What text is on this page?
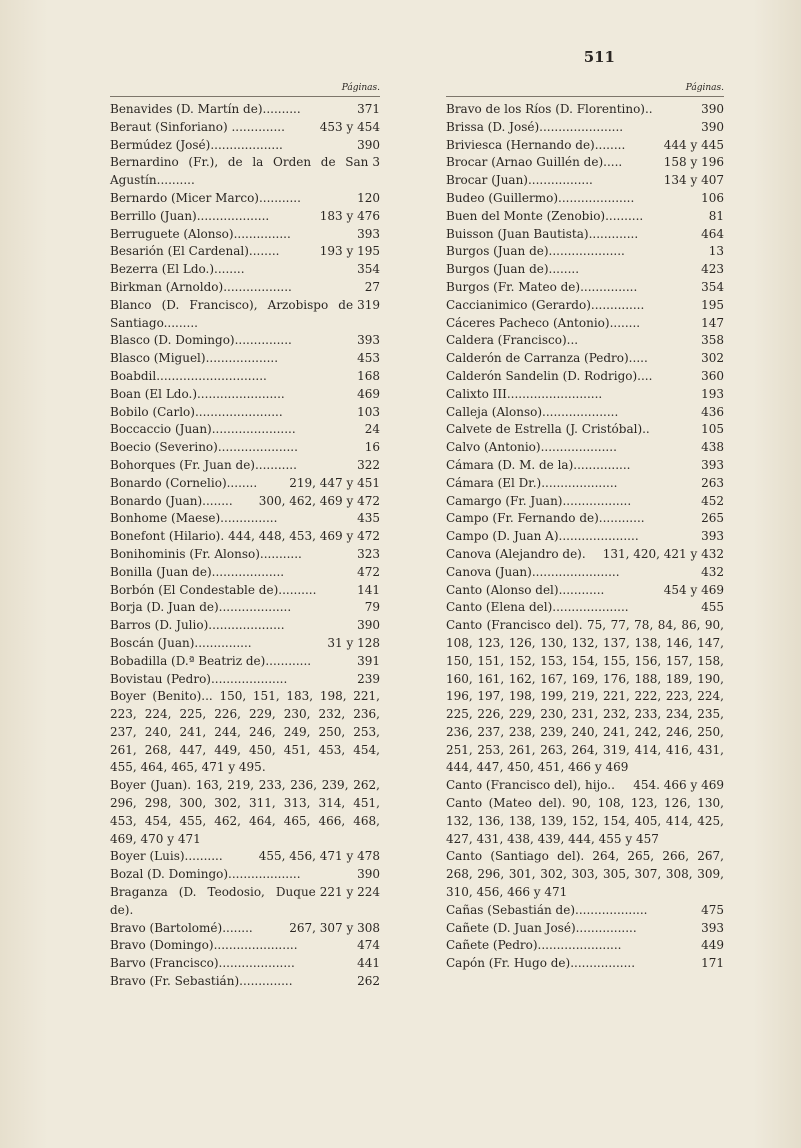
511
Páginas.
371
Benavides (D. Martín de)..........
453 y 454
Beraut (Sinforiano) ..............
390
Bermúdez (José)...................
3
Bernardino (Fr.), de la Orden de San Agustín..........
120
Bernardo (Micer Marco)...........
183 y 476
Berrillo (Juan)...................
393
Berruguete (Alonso)...............
193 y 195
Besarión (El Cardenal)........
354
Bezerra (El Ldo.)........
27
Birkman (Arnoldo)..................
319
Blanco (D. Francisco), Arzobispo de Santiago.........
393
Blasco (D. Domingo)...............
453
Blasco (Miguel)...................
168
Boabdil.............................
469
Boan (El Ldo.).......................
103
Bobilo (Carlo).......................
24
Boccaccio (Juan)......................
16
Boecio (Severino).....................
322
Bohorques (Fr. Juan de)...........
219, 447 y 451
Bonardo (Cornelio)........
300, 462, 469 y 472
Bonardo (Juan)........
435
Bonhome (Maese)...............
444, 448, 453, 469 y 472
Bonefont (Hilario).
323
Bonihominis (Fr. Alonso)...........
472
Bonilla (Juan de)...................
141
Borbón (El Condestable de)..........
79
Borja (D. Juan de)...................
390
Barros (D. Julio)....................
31 y 128
Boscán (Juan)...............
391
Bobadilla (D.ª Beatriz de)............
239
Bovistau (Pedro)....................
Boyer (Benito)... 150, 151, 183, 198, 221, 223, 224, 225, 226, 229, 230, 232, 236, 237, 240, 241, 244, 246, 249, 250, 253, 261, 268, 447, 449, 450, 451, 453, 454, 455, 464, 465, 471 y 495.
Boyer (Juan). 163, 219, 233, 236, 239, 262, 296, 298, 300, 302, 311, 313, 314, 451, 453, 454, 455, 462, 464, 465, 466, 468, 469, 470 y 471
455, 456, 471 y 478
Boyer (Luis)..........
390
Bozal (D. Domingo)...................
221 y 224
Braganza (D. Teodosio, Duque de).
267, 307 y 308
Bravo (Bartolomé)........
474
Bravo (Domingo)......................
441
Barvo (Francisco)....................
262
Bravo (Fr. Sebastián)..............
Páginas.
390
Bravo de los Ríos (D. Florentino)..
390
Brissa (D. José)......................
444 y 445
Briviesca (Hernando de)........
158 y 196
Brocar (Arnao Guillén de).....
134 y 407
Brocar (Juan).................
106
Budeo (Guillermo)....................
81
Buen del Monte (Zenobio)..........
464
Buisson (Juan Bautista).............
13
Burgos (Juan de)....................
423
Burgos (Juan de)........
354
Burgos (Fr. Mateo de)...............
195
Caccianimico (Gerardo)..............
147
Cáceres Pacheco (Antonio)........
358
Caldera (Francisco)...
302
Calderón de Carranza (Pedro).....
360
Calderón Sandelin (D. Rodrigo)....
193
Calixto III.........................
436
Calleja (Alonso)....................
105
Calvete de Estrella (J. Cristóbal)..
438
Calvo (Antonio)....................
393
Cámara (D. M. de la)...............
263
Cámara (El Dr.)....................
452
Camargo (Fr. Juan)..................
265
Campo (Fr. Fernando de)............
393
Campo (D. Juan A).....................
131, 420, 421 y 432
Canova (Alejandro de).
432
Canova (Juan).......................
454 y 469
Canto (Alonso del)............
455
Canto (Elena del)....................
Canto (Francisco del). 75, 77, 78, 84, 86, 90, 108, 123, 126, 130, 132, 137, 138, 146, 147, 150, 151, 152, 153, 154, 155, 156, 157, 158, 160, 161, 162, 167, 169, 176, 188, 189, 190, 196, 197, 198, 199, 219, 221, 222, 223, 224, 225, 226, 229, 230, 231, 232, 233, 234, 235, 236, 237, 238, 239, 240, 241, 242, 246, 250, 251, 253, 261, 263, 264, 319, 414, 416, 431, 444, 447, 450, 451, 466 y 469
454. 466 y 469
Canto (Francisco del), hijo..
Canto (Mateo del). 90, 108, 123, 126, 130, 132, 136, 138, 139, 152, 154, 405, 414, 425, 427, 431, 438, 439, 444, 455 y 457
Canto (Santiago del). 264, 265, 266, 267, 268, 296, 301, 302, 303, 305, 307, 308, 309, 310, 456, 466 y 471
475
Cañas (Sebastián de)...................
393
Cañete (D. Juan José)................
449
Cañete (Pedro)......................
171
Capón (Fr. Hugo de).................
